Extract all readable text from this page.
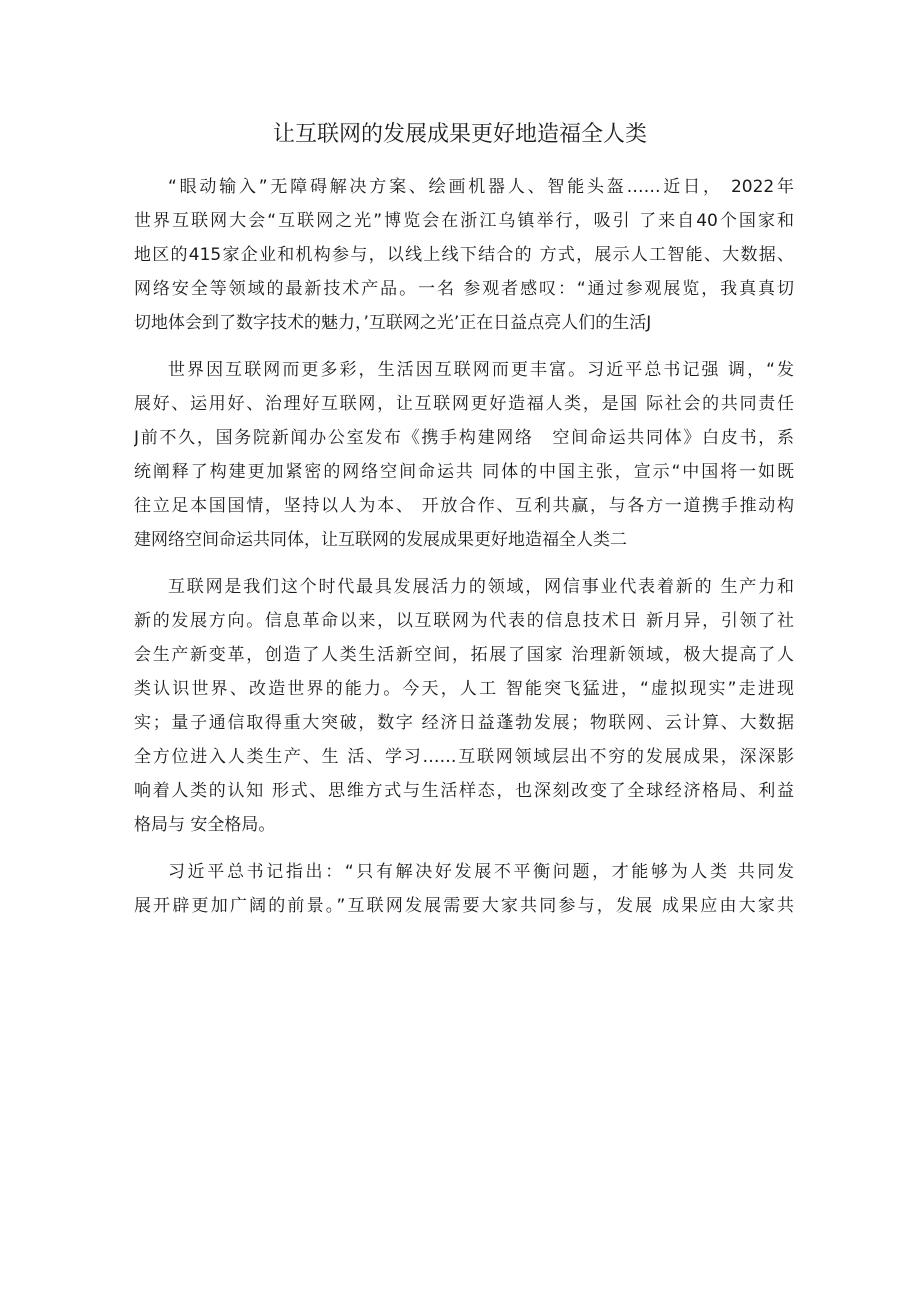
让互联网的发展成果更好地造福全人类
“眼动输入”无障碍解决方案、绘画机器人、智能头盔……近日， 2022年
世界互联网大会“互联网之光”博览会在浙江乌镇举行，吸引 了来自40个国家和
地区的415家企业和机构参与，以线上线下结合的 方式，展示人工智能、大数据、
网络安全等领域的最新技术产品。一名 参观者感叹：“通过参观展览，我真真切
切地体会到了数字技术的魅力，’互联网之光’正在日益点亮人们的生活J
世界因互联网而更多彩，生活因互联网而更丰富。习近平总书记强 调，“发
展好、运用好、治理好互联网，让互联网更好造福人类，是国 际社会的共同责任
J前不久，国务院新闻办公室发布《携手构建网络　空间命运共同体》白皮书，系
统阐释了构建更加紧密的网络空间命运共 同体的中国主张，宣示“中国将一如既
往立足本国国情，坚持以人为本、 开放合作、互利共赢，与各方一道携手推动构
建网络空间命运共同体，让互联网的发展成果更好地造福全人类二
互联网是我们这个时代最具发展活力的领域，网信事业代表着新的 生产力和
新的发展方向。信息革命以来，以互联网为代表的信息技术日 新月异，引领了社
会生产新变革，创造了人类生活新空间，拓展了国家 治理新领域，极大提高了人
类认识世界、改造世界的能力。今天，人工 智能突飞猛进，“虚拟现实”走进现
实；量子通信取得重大突破，数字 经济日益蓬勃发展；物联网、云计算、大数据
全方位进入人类生产、生 活、学习……互联网领域层出不穷的发展成果，深深影
响着人类的认知 形式、思维方式与生活样态，也深刻改变了全球经济格局、利益
格局与 安全格局。
习近平总书记指出：“只有解决好发展不平衡问题，才能够为人类 共同发
展开辟更加广阔的前景。”互联网发展需要大家共同参与，发展 成果应由大家共
